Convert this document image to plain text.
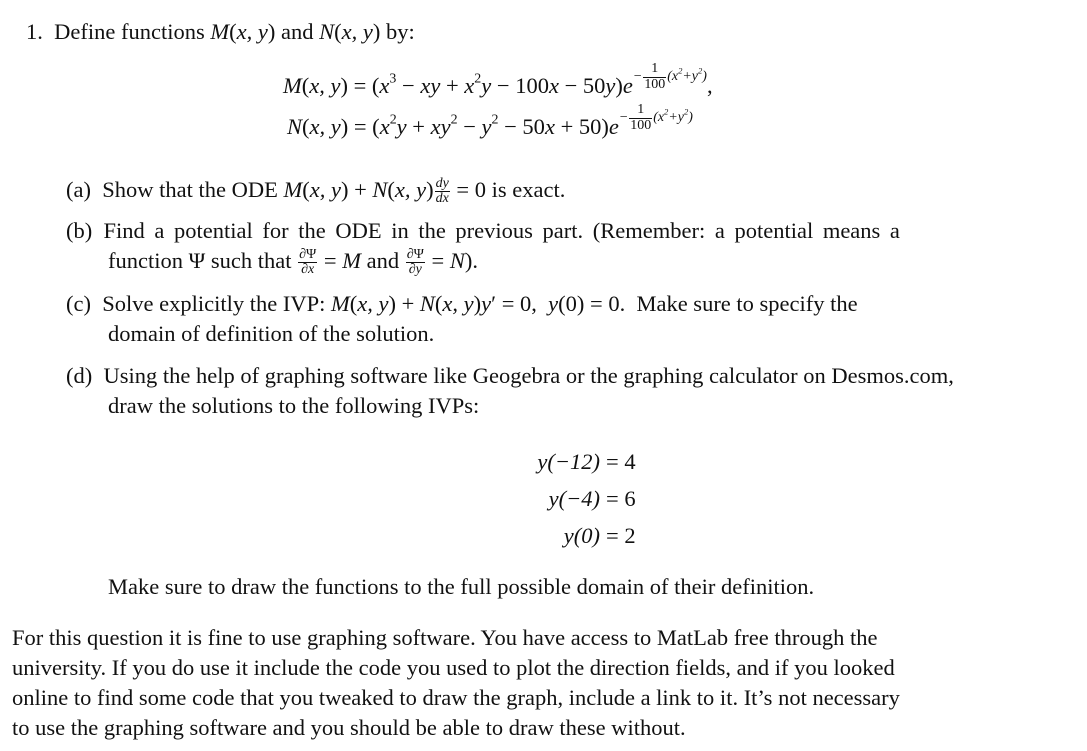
1. Define functions M(x, y) and N(x, y) by:
M(x, $y) = (x^3$ − xy + $x^2y - 100x - 50y)e^{- \frac{1}{100} (x^2+y^2)}$,
N(x, $y) = (x^2y + xy^2 - y^2 - 50x + 50)e^{- \frac{1}{100} (x^2+y^2)}$
(a) Show that the ODE M(x, y) + N(x, $y) \frac{dy}{dx} = 0$ is exact.
(b) Find a potential for the ODE in the previous part. (Remember: a potential means a
function Ψ such that $\frac{\partial\Psi}{\partial x} = M$ and $\frac{\partial\Psi}{\partial y} = N$).
(c) Solve explicitly the IVP: M(x, y) + N(x, y)y′ = 0,  y(0) = 0.  Make sure to specify the
domain of definition of the solution.
(d) Using the help of graphing software like Geogebra or the graphing calculator on Desmos.com,
draw the solutions to the following IVPs:
y(−12) = 4
y(−4) = 6
y(0) = 2
Make sure to draw the functions to the full possible domain of their definition.
For this question it is fine to use graphing software. You have access to MatLab free through the
university. If you do use it include the code you used to plot the direction fields, and if you looked
online to find some code that you tweaked to draw the graph, include a link to it. It’s not necessary
to use the graphing software and you should be able to draw these without.
